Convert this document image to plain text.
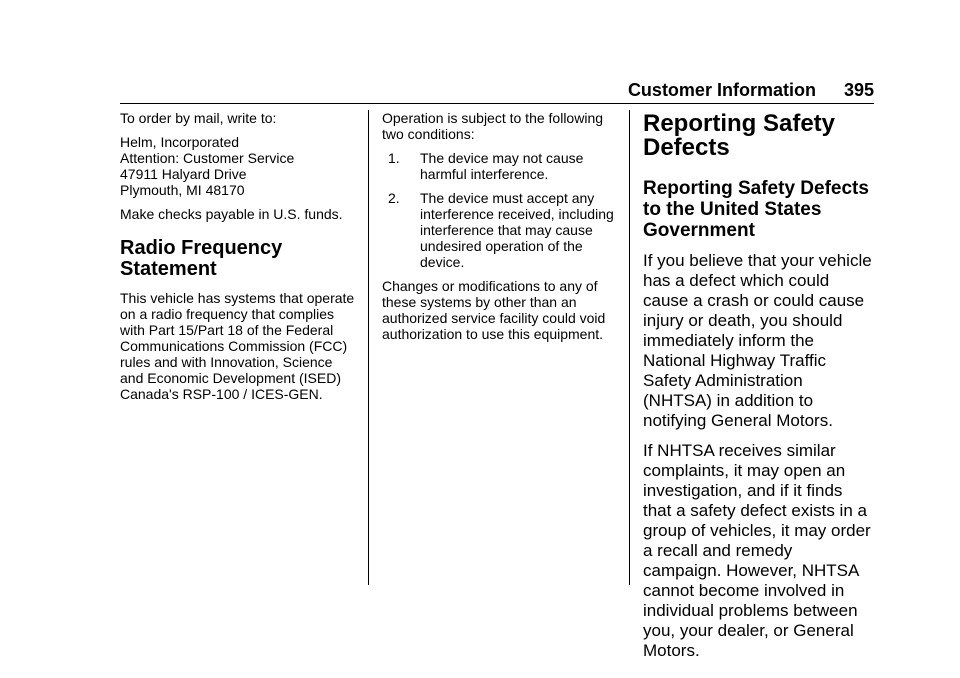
Customer Information 395

To order by mail, write to:

Helm, Incorporated
Attention: Customer Service
47911 Halyard Drive
Plymouth, MI 48170

Make checks payable in U.S. funds.

Radio Frequency Statement

This vehicle has systems that operate on a radio frequency that complies with Part 15/Part 18 of the Federal Communications Commission (FCC) rules and with Innovation, Science and Economic Development (ISED) Canada's RSP-100 / ICES-GEN.

Operation is subject to the following two conditions:

1.	The device may not cause harmful interference.
2.	The device must accept any interference received, including interference that may cause undesired operation of the device.

Changes or modifications to any of these systems by other than an authorized service facility could void authorization to use this equipment.

Reporting Safety Defects
Reporting Safety Defects to the United States Government

If you believe that your vehicle has a defect which could cause a crash or could cause injury or death, you should immediately inform the National Highway Traffic Safety Administration (NHTSA) in addition to notifying General Motors.

If NHTSA receives similar complaints, it may open an investigation, and if it finds that a safety defect exists in a group of vehicles, it may order a recall and remedy campaign. However, NHTSA cannot become involved in individual problems between you, your dealer, or General Motors.
